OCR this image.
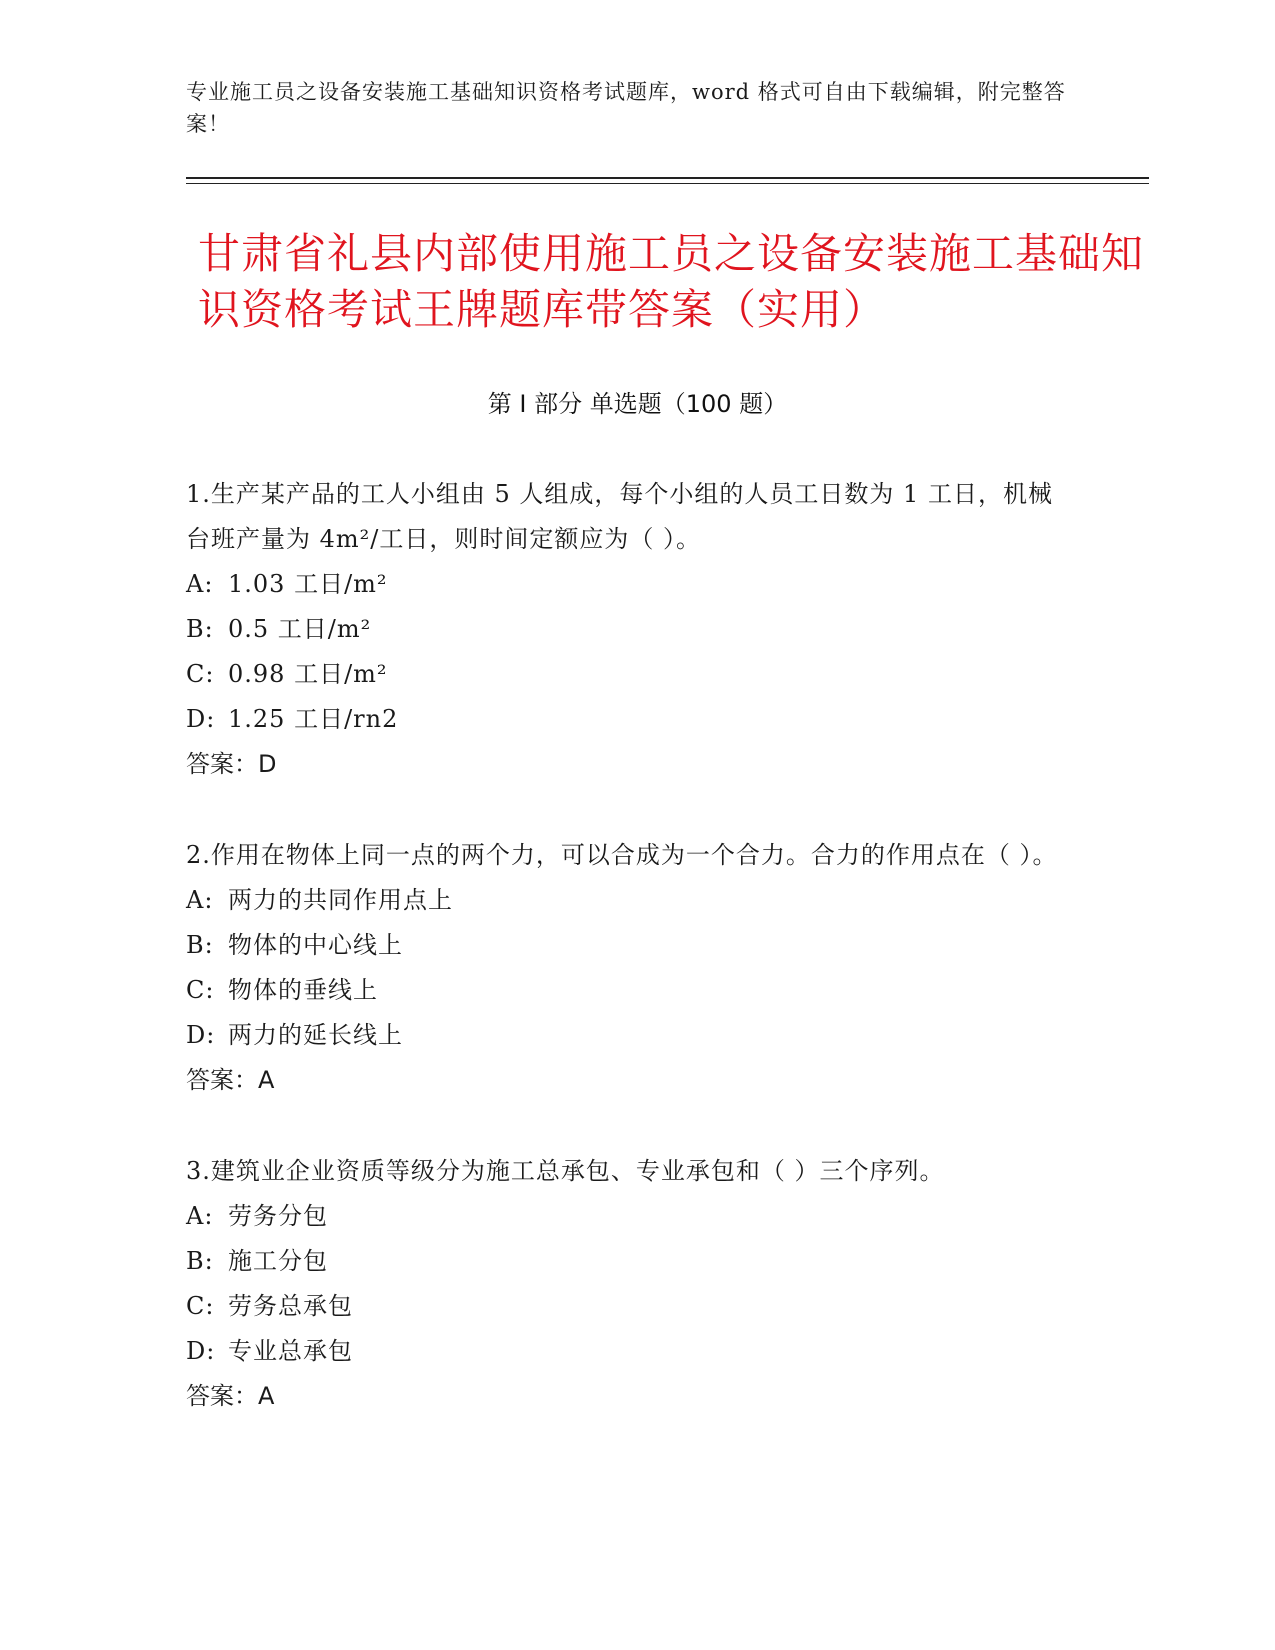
专业施工员之设备安装施工基础知识资格考试题库，word 格式可自由下载编辑，附完整答案！
甘肃省礼县内部使用施工员之设备安装施工基础知识资格考试王牌题库带答案（实用）
第 I 部分 单选题（100 题）
1.生产某产品的工人小组由 5 人组成，每个小组的人员工日数为 1 工日，机械台班产量为 4m²/工日，则时间定额应为（ ）。
A: 1.03 工日/m²
B: 0.5 工日/m²
C: 0.98 工日/m²
D: 1.25 工日/rn2
答案：D
2.作用在物体上同一点的两个力，可以合成为一个合力。合力的作用点在（ ）。
A: 两力的共同作用点上
B: 物体的中心线上
C: 物体的垂线上
D: 两力的延长线上
答案：A
3.建筑业企业资质等级分为施工总承包、专业承包和（ ）三个序列。
A: 劳务分包
B: 施工分包
C: 劳务总承包
D: 专业总承包
答案：A
